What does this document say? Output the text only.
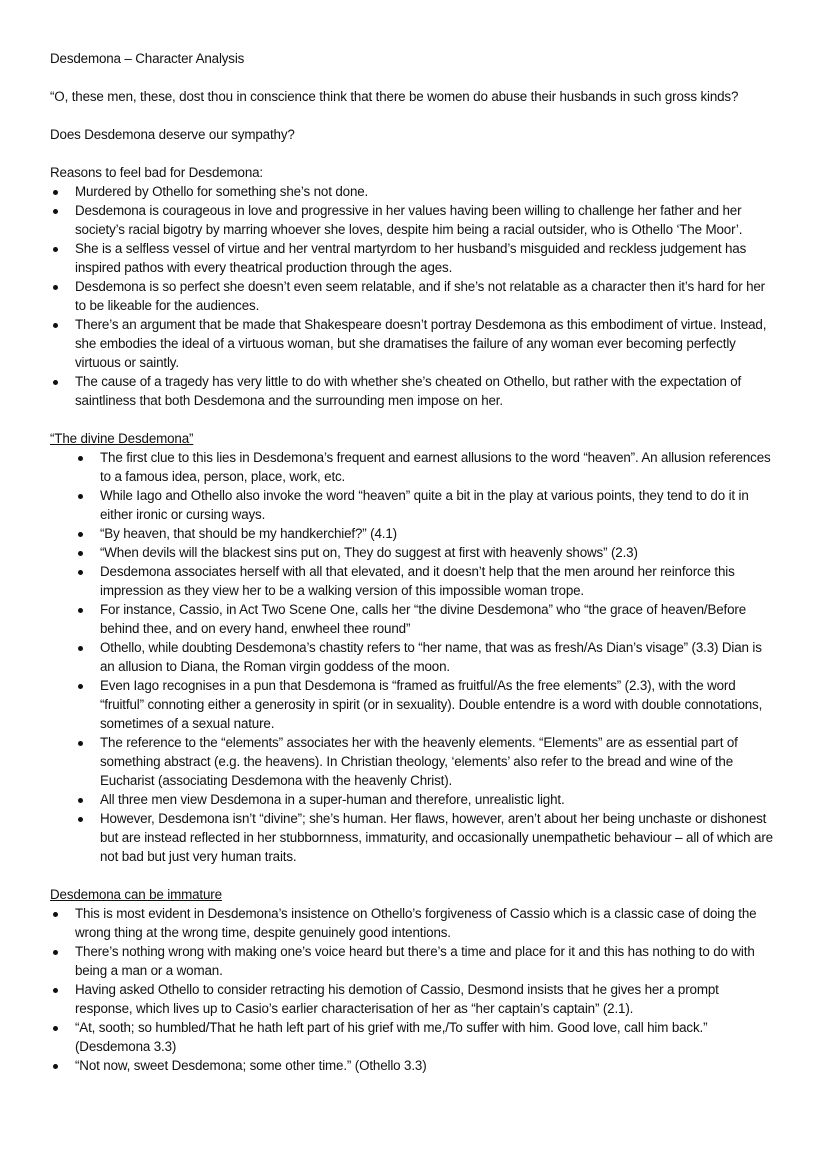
Desdemona – Character Analysis

“O, these men, these, dost thou in conscience think that there be women do abuse their husbands in such gross kinds?

Does Desdemona deserve our sympathy?

Reasons to feel bad for Desdemona:

Murdered by Othello for something she’s not done.
Desdemona is courageous in love and progressive in her values having been willing to challenge her father and her society’s racial bigotry by marring whoever she loves, despite him being a racial outsider, who is Othello ‘The Moor’.
She is a selfless vessel of virtue and her ventral martyrdom to her husband’s misguided and reckless judgement has inspired pathos with every theatrical production through the ages.
Desdemona is so perfect she doesn’t even seem relatable, and if she’s not relatable as a character then it’s hard for her to be likeable for the audiences.
There’s an argument that be made that Shakespeare doesn’t portray Desdemona as this embodiment of virtue. Instead, she embodies the ideal of a virtuous woman, but she dramatises the failure of any woman ever becoming perfectly virtuous or saintly.
The cause of a tragedy has very little to do with whether she’s cheated on Othello, but rather with the expectation of saintliness that both Desdemona and the surrounding men impose on her.

“The divine Desdemona”

The first clue to this lies in Desdemona’s frequent and earnest allusions to the word “heaven”. An allusion references to a famous idea, person, place, work, etc.
While Iago and Othello also invoke the word “heaven” quite a bit in the play at various points, they tend to do it in either ironic or cursing ways.
“By heaven, that should be my handkerchief?” (4.1)
“When devils will the blackest sins put on, They do suggest at first with heavenly shows” (2.3)
Desdemona associates herself with all that elevated, and it doesn’t help that the men around her reinforce this impression as they view her to be a walking version of this impossible woman trope.
For instance, Cassio, in Act Two Scene One, calls her “the divine Desdemona” who “the grace of heaven/Before behind thee, and on every hand, enwheel thee round”
Othello, while doubting Desdemona’s chastity refers to “her name, that was as fresh/As Dian’s visage” (3.3) Dian is an allusion to Diana, the Roman virgin goddess of the moon.
Even Iago recognises in a pun that Desdemona is “framed as fruitful/As the free elements” (2.3), with the word “fruitful” connoting either a generosity in spirit (or in sexuality). Double entendre is a word with double connotations, sometimes of a sexual nature.
The reference to the “elements” associates her with the heavenly elements. “Elements” are as essential part of something abstract (e.g. the heavens). In Christian theology, ‘elements’ also refer to the bread and wine of the Eucharist (associating Desdemona with the heavenly Christ).
All three men view Desdemona in a super-human and therefore, unrealistic light.
However, Desdemona isn’t “divine”; she’s human. Her flaws, however, aren’t about her being unchaste or dishonest but are instead reflected in her stubbornness, immaturity, and occasionally unempathetic behaviour – all of which are not bad but just very human traits.

Desdemona can be immature

This is most evident in Desdemona’s insistence on Othello’s forgiveness of Cassio which is a classic case of doing the wrong thing at the wrong time, despite genuinely good intentions.
There’s nothing wrong with making one’s voice heard but there’s a time and place for it and this has nothing to do with being a man or a woman.
Having asked Othello to consider retracting his demotion of Cassio, Desmond insists that he gives her a prompt response, which lives up to Casio’s earlier characterisation of her as “her captain’s captain” (2.1).
“At, sooth; so humbled/That he hath left part of his grief with me,/To suffer with him. Good love, call him back.” (Desdemona 3.3)
“Not now, sweet Desdemona; some other time.” (Othello 3.3)
